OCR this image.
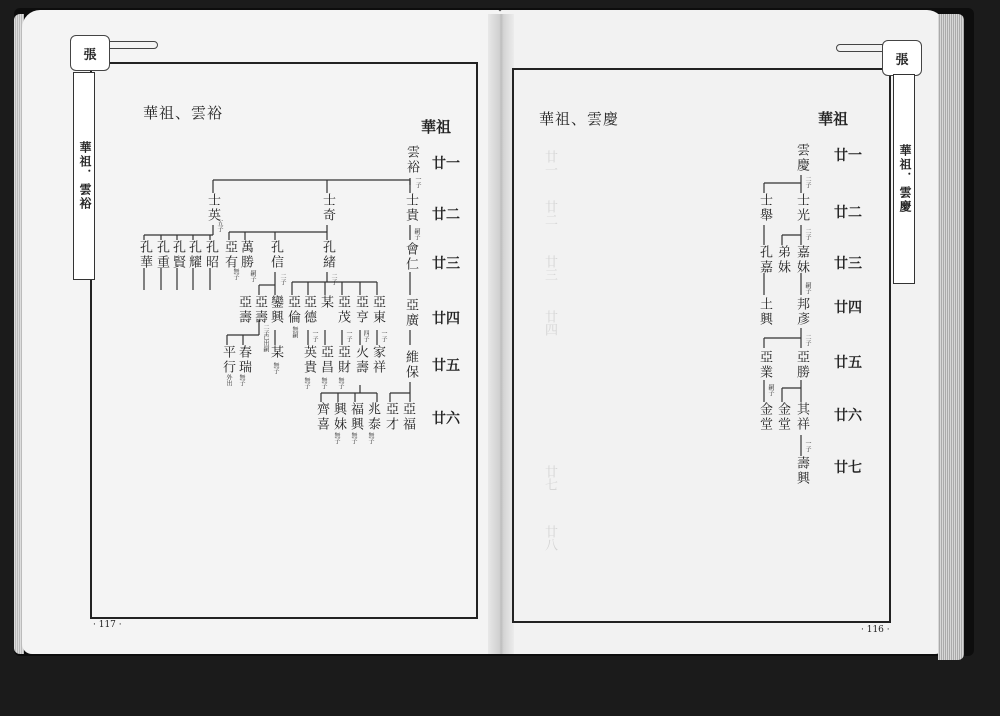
廿一
廿二
廿三
廿四
廿七
廿八
張
華祖．雲裕
張
華祖．雲慶
華祖、雲裕
華祖	華祖、雲慶	華祖
廿一
廿二
廿三
廿四
廿五
廿六
廿一
廿二
廿三
廿四
廿五
廿六
廿七
雲裕
一子
士英
五子
士奇	士貴
嗣子
孔華 孔重 孔賢 孔耀 孔昭 亞有
無子
萬勝
嗣子
孔信
二子
孔緒
二子
會仁
亞壽 亞壽
二子
已出嗣
鑾興 亞倫
無嗣
亞德
一子
某 亞茂
一子
亞亨
四子
亞東
一子
亞廣
平行
外出
春瑞
無子
某
無子 英貴
無子
亞昌
無子
亞財
無子
火壽 家祥 維保
齊喜 興妹
無子
福興
無子
兆泰
無子
亞才 亞福
雲慶
二子
士舉 士光
二子
孔嘉 弟妹 嘉妹
嗣子
土興 邦彥
二子
亞業
嗣子
亞勝
金堂 金堂 其祥
一子
壽興
· 117 ·	· 116 ·
